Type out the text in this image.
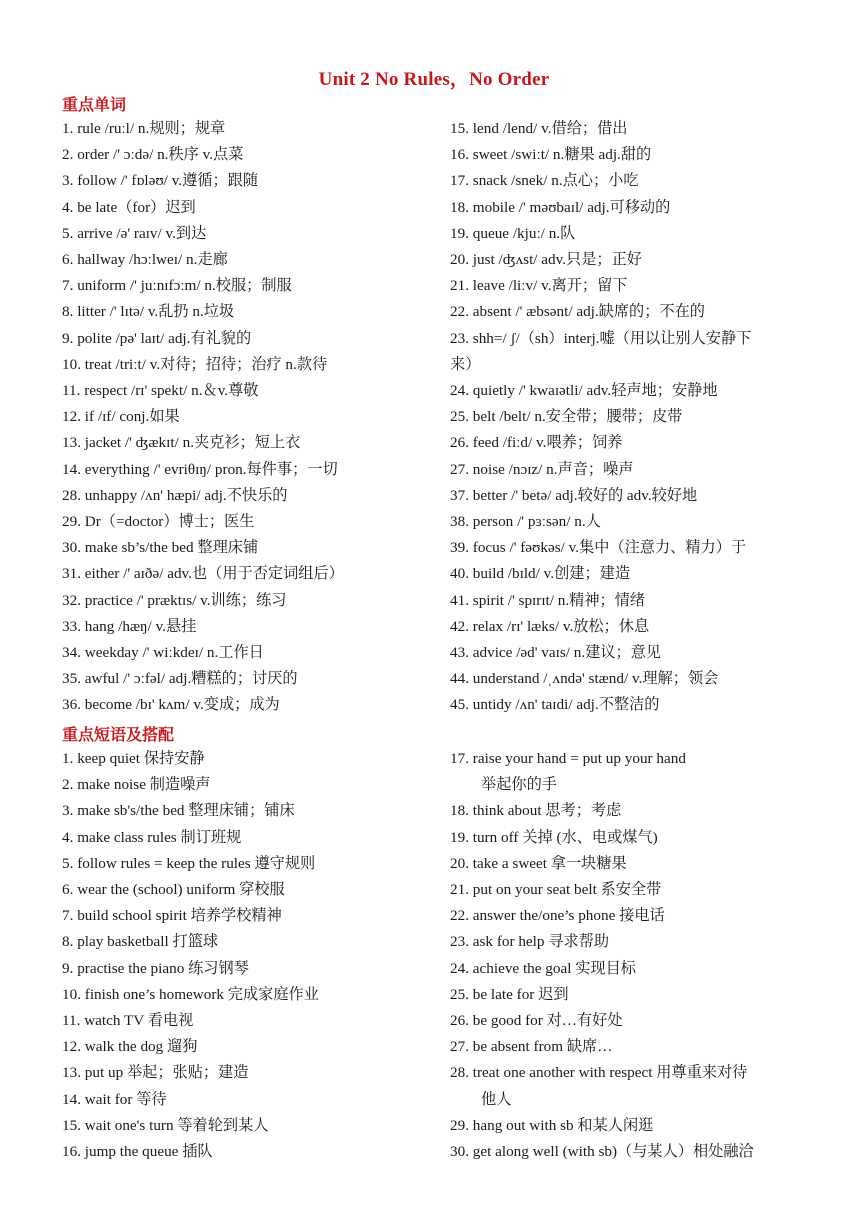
Unit 2 No Rules，No Order
重点单词
1. rule /ruːl/ n.规则；规章
2. order /' ɔːdə/ n.秩序 v.点菜
3. follow /' fɒləʊ/ v.遵循；跟随
4. be late（for）迟到
5. arrive /ə' raɪv/ v.到达
6. hallway /hɔːlweɪ/ n.走廊
7. uniform /' juːnɪfɔːm/ n.校服；制服
8. litter /' lɪtə/ v.乱扔 n.垃圾
9. polite /pə' laɪt/ adj.有礼貌的
10. treat /triːt/ v.对待；招待；治疗 n.款待
11. respect /rɪ' spekt/ n.＆v.尊敬
12. if /ɪf/ conj.如果
13. jacket /' ʤækɪt/ n.夹克衫；短上衣
14. everything /' evriθɪŋ/ pron.每件事；一切
28. unhappy /ʌn' hæpi/ adj.不快乐的
29. Dr（=doctor）博士；医生
30. make sb’s/the bed 整理床铺
31. either /' aɪðə/ adv.也（用于否定词组后）
32. practice /' præktɪs/ v.训练；练习
33. hang /hæŋ/ v.悬挂
34. weekday /' wiːkdeɪ/ n.工作日
35. awful /' ɔːfəl/ adj.糟糕的；讨厌的
36. become /bɪ' kʌm/ v.变成；成为
15. lend /lend/ v.借给；借出
16. sweet /swiːt/ n.糖果 adj.甜的
17. snack /snek/ n.点心；小吃
18. mobile /' məʊbaɪl/ adj.可移动的
19. queue /kjuː/ n.队
20. just /ʤʌst/ adv.只是；正好
21. leave /liːv/ v.离开；留下
22. absent /' æbsənt/ adj.缺席的；不在的
23. shh=/ ʃ/（sh）interj.嘘（用以让别人安静下
来）
24. quietly /' kwaɪətli/ adv.轻声地；安静地
25. belt /belt/ n.安全带；腰带；皮带
26. feed /fiːd/ v.喂养；饲养
27. noise /nɔɪz/ n.声音；噪声
37. better /' betə/ adj.较好的 adv.较好地
38. person /' pɜːsən/ n.人
39. focus /' fəʊkəs/ v.集中（注意力、精力）于
40. build /bɪld/ v.创建；建造
41. spirit /' spɪrɪt/ n.精神；情绪
42. relax /rɪ' læks/ v.放松；休息
43. advice /əd' vaɪs/ n.建议；意见
44. understand /ˌʌndə' stænd/ v.理解；领会
45. untidy /ʌn' taɪdi/ adj.不整洁的
重点短语及搭配
1. keep quiet 保持安静
2. make noise 制造噪声
3. make sb's/the bed 整理床铺；铺床
4. make class rules 制订班规
5. follow rules = keep the rules 遵守规则
6. wear the (school) uniform 穿校服
7. build school spirit 培养学校精神
8. play basketball 打篮球
9. practise the piano 练习钢琴
10. finish one’s homework 完成家庭作业
11. watch TV 看电视
12. walk the dog 遛狗
13. put up 举起；张贴；建造
14. wait for 等待
15. wait one's turn 等着轮到某人
16. jump the queue 插队
17. raise your hand = put up your hand
举起你的手
18. think about 思考；考虑
19. turn off 关掉 (水、电或煤气)
20. take a sweet 拿一块糖果
21. put on your seat belt 系安全带
22. answer the/one’s phone 接电话
23. ask for help 寻求帮助
24. achieve the goal 实现目标
25. be late for 迟到
26. be good for 对…有好处
27. be absent from 缺席…
28. treat one another with respect 用尊重来对待
他人
29. hang out with sb 和某人闲逛
30. get along well (with sb)（与某人）相处融洽
